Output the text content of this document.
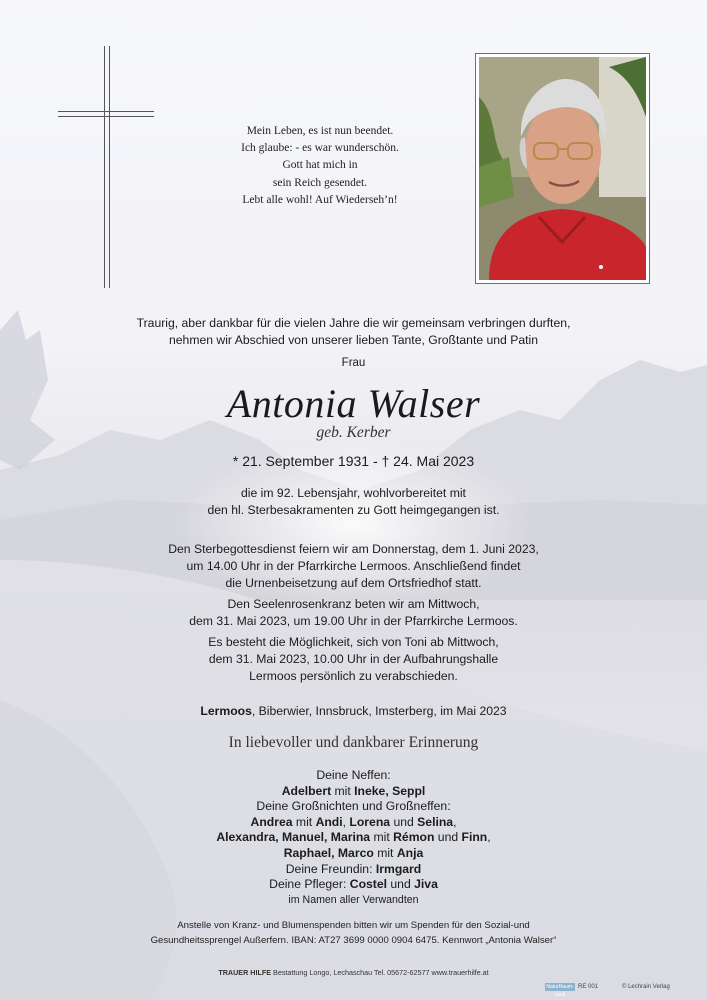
Mein Leben, es ist nun beendet.
Ich glaube: - es war wunderschön.
Gott hat mich in
sein Reich gesendet.
Lebt alle wohl! Auf Wiederseh’n!
Traurig, aber dankbar für die vielen Jahre die wir gemeinsam verbringen durften,
nehmen wir Abschied von unserer lieben Tante, Großtante und Patin
Frau
Antonia Walser
geb. Kerber
* 21. September 1931 - † 24. Mai 2023
die im 92. Lebensjahr, wohlvorbereitet mit
den hl. Sterbesakramenten zu Gott heimgegangen ist.
Den Sterbegottesdienst feiern wir am Donnerstag, dem 1. Juni 2023,
um 14.00 Uhr in der Pfarrkirche Lermoos. Anschließend findet
die Urnenbeisetzung auf dem Ortsfriedhof statt.
Den Seelenrosenkranz beten wir am Mittwoch,
dem 31. Mai 2023, um 19.00 Uhr in der Pfarrkirche Lermoos.
Es besteht die Möglichkeit, sich von Toni ab Mittwoch,
dem 31. Mai 2023, 10.00 Uhr in der Aufbahrungshalle
Lermoos persönlich zu verabschieden.
Lermoos, Biberwier, Innsbruck, Imsterberg, im Mai 2023
In liebevoller und dankbarer Erinnerung
Deine Neffen:
Adelbert mit Ineke, Seppl
Deine Großnichten und Großneffen:
Andrea mit Andi, Lorena und Selina,
Alexandra, Manuel, Marina mit Rémon und Finn,
Raphael, Marco mit Anja
Deine Freundin: Irmgard
Deine Pfleger: Costel und Jiva
im Namen aller Verwandten
Anstelle von Kranz- und Blumenspenden bitten wir um Spenden für den Sozial-und
Gesundheitssprengel Außerfern. IBAN: AT27 3699 0000 0904 6475. Kennwort „Antonia Walser“
TRAUER HILFE Bestattung Longo, Lechaschau Tel. 05672-62577 www.trauerhilfe.at
NaturRaum-Lech
RE 001	© Lechrain Verlag
